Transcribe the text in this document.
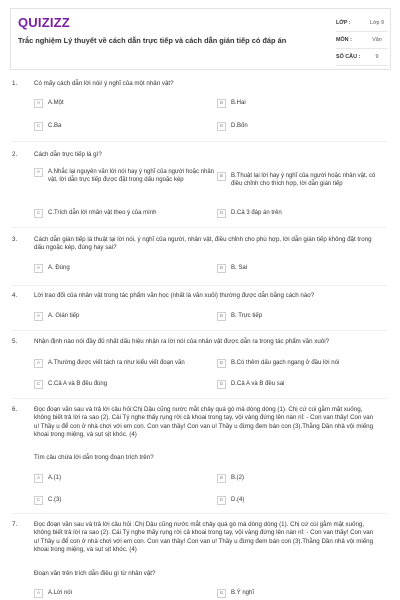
QUIZIZZ
Trắc nghiệm Lý thuyết về cách dẫn trực tiếp và cách dẫn gián tiếp có đáp án
LỚP :	Lớp 9
MÔN :	Văn
SỐ CÂU :	9
1.	Có mấy cách dẫn lời nói/ ý nghĩ của một nhân vật?
A	A.Một	B	B.Hai
C	C.Ba	D	D.Bốn
2.	Cách dẫn trực tiếp là gì?
A	A.Nhắc lại nguyên văn lời nói hay ý nghĩ của người hoặc nhân vật, lời dẫn trực tiếp được đặt trong dấu ngoặc kép
B	B.Thuật lại lời hay ý nghĩ của người hoặc nhân vật, có điều chỉnh cho thích hợp, lời dẫn gián tiếp
C	C.Trích dẫn lời nhân vật theo ý của mình	D	D.Cả 3 đáp án trên
3.	Cách dẫn gián tiếp là thuật lại lời nói, ý nghĩ của người, nhân vật, điều chỉnh cho phù hợp, lời dẫn gián tiếp không đặt trong dấu ngoặc kép, đúng hay sai?
A	A. Đúng	B	B. Sai
4.	Lời trao đổi của nhân vật trong tác phẩm văn học (nhất là văn xuôi) thường được dẫn bằng cách nào?
A	A. Gián tiếp	B	B. Trực tiếp
5.	Nhận định nào nói đầy đủ nhất dấu hiệu nhận ra lời nói của nhân vật được dẫn ra trong tác phẩm văn xuôi?
A	A.Thường được viết tách ra như kiểu viết đoạn văn	B	B.Có thêm dấu gạch ngang ở đầu lời nói
C	C.Cả A và B đều đúng	D	D.Cả A và B đều sai
6.	Đọc đoạn văn sau và trả lời câu hỏi:Chị Dậu cũng nước mắt chảy quá gò má dòng dòng (1). Chị cứ cúi gằm mặt xuống, không biết trả lời ra sao (2). Cái Tý nghe thấy rụng rời cả khoai trong tay, vội vàng đứng lên nàn nỉ: - Con van thầy! Con van u! Thầy u để con ở nhà chơi với em con. Con van thầy! Con van u! Thầy u đừng đem bán con (3).Thằng Dần nhả vội miếng khoai trong miệng, và sụt sịt khóc. (4)
Tìm câu chứa lời dẫn trong đoạn trích trên?
A	A.(1)	B	B.(2)
C	C.(3)	D	D.(4)
7.	Đọc đoạn văn sau và trả lời câu hỏi :Chị Dậu cũng nước mắt chảy quá gò má dòng dòng (1). Chị cứ cúi gằm mặt xuống, không biết trả lời ra sao (2). Cái Tý nghe thấy rụng rời cả khoai trong tay, vội vàng đứng lên nàn nỉ: - Con van thầy! Con van u! Thầy u để con ở nhà chơi với em con. Con van thầy! Con van u! Thầy u đừng đem bán con (3).Thằng Dần nhả vội miếng khoai trong miệng, và sụt sịt khóc. (4)
Đoạn văn trên trích dẫn điều gì từ nhân vật?
A	A.Lời nói	B	B.Ý nghĩ
